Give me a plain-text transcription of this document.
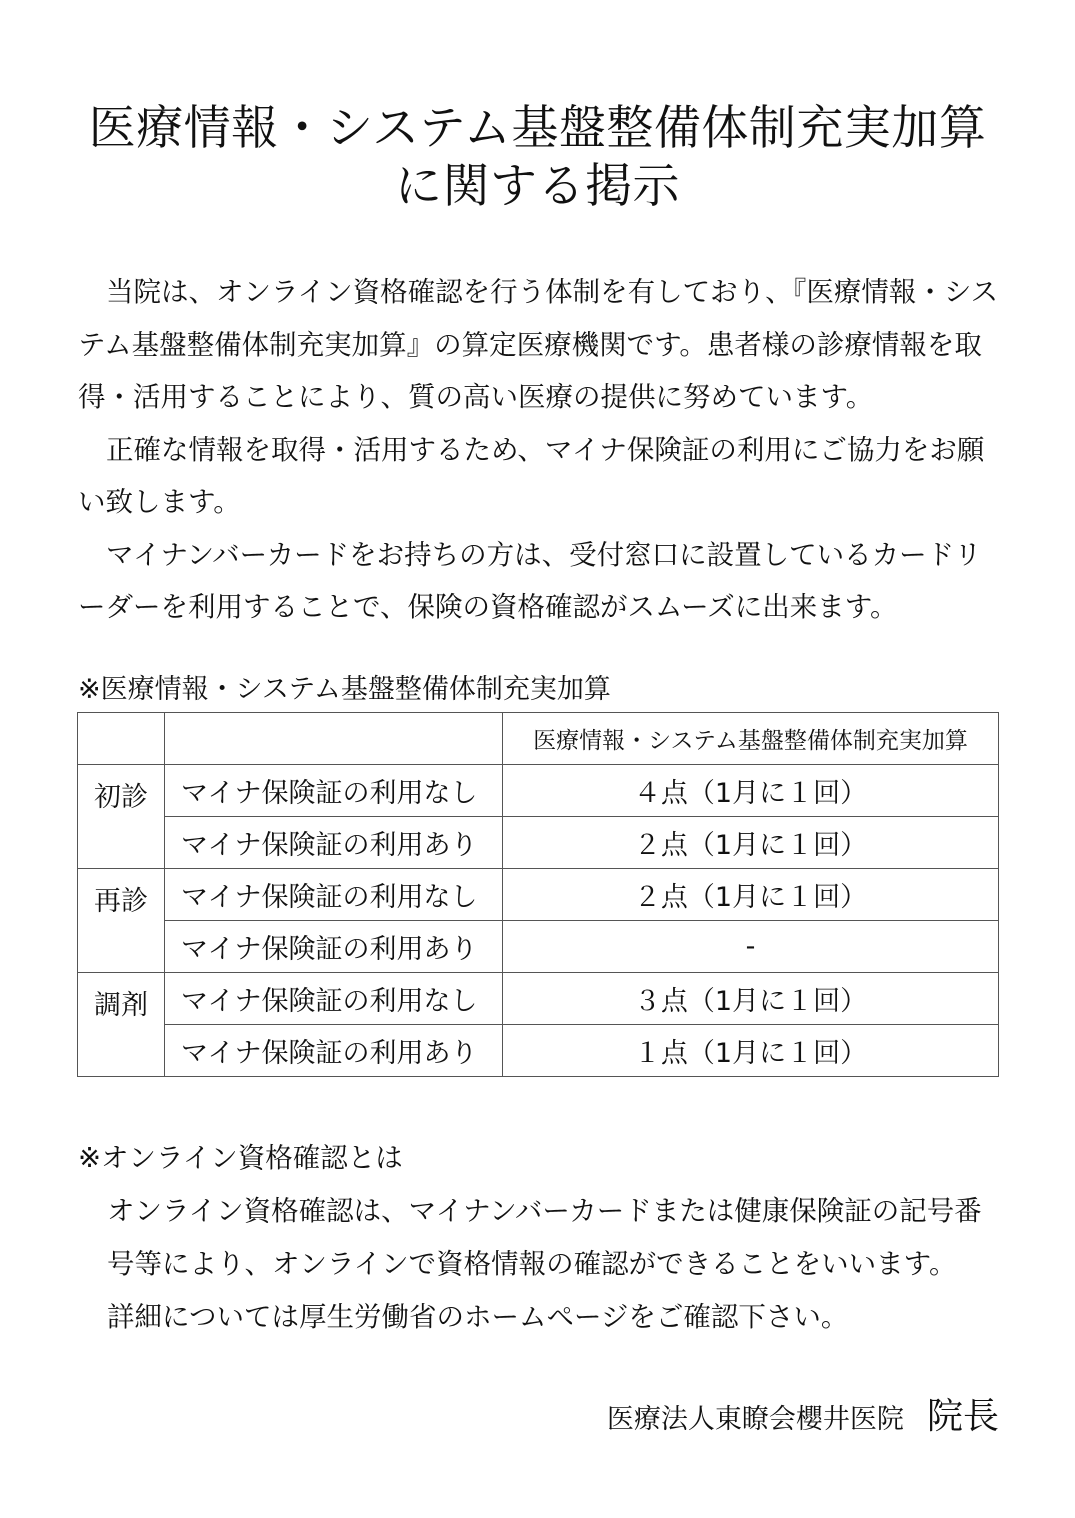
医療情報・システム基盤整備体制充実加算
に関する掲示

当院は、オンライン資格確認を行う体制を有しており、『医療情報・システム基盤整備体制充実加算』の算定医療機関です。患者様の診療情報を取得・活用することにより、質の高い医療の提供に努めています。

正確な情報を取得・活用するため、マイナ保険証の利用にご協力をお願い致します。

マイナンバーカードをお持ちの方は、受付窓口に設置しているカードリーダーを利用することで、保険の資格確認がスムーズに出来ます。

※医療情報・システム基盤整備体制充実加算

		医療情報・システム基盤整備体制充実加算
初診	マイナ保険証の利用なし	４点（1月に１回）
	マイナ保険証の利用あり	２点（1月に１回）
再診	マイナ保険証の利用なし	２点（1月に１回）
	マイナ保険証の利用あり	-
調剤	マイナ保険証の利用なし	３点（1月に１回）
	マイナ保険証の利用あり	１点（1月に１回）

※オンライン資格確認とは

オンライン資格確認は、マイナンバーカードまたは健康保険証の記号番号等により、オンラインで資格情報の確認ができることをいいます。

詳細については厚生労働省のホームページをご確認下さい。

医療法人東瞭会櫻井医院 院長
